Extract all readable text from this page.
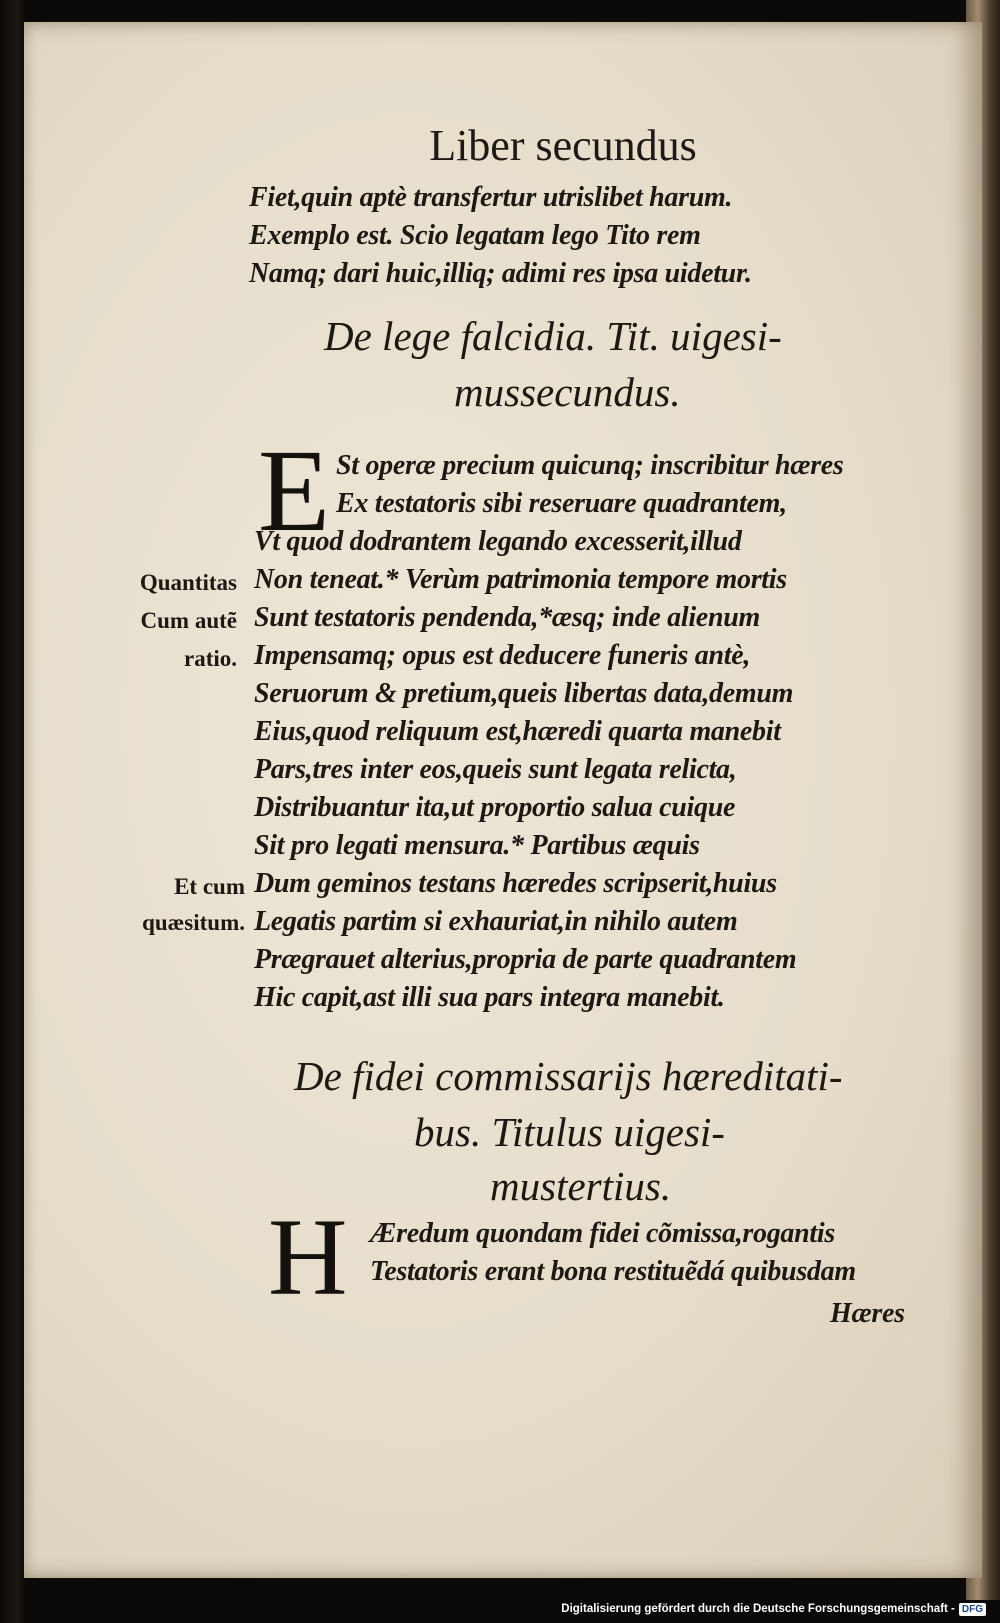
Liber secundus
Fiet,quin aptè transfertur utrislibet harum.
Exemplo est. Scio legatam lego Tito rem
Namq; dari huic,illiq; adimi res ipsa uidetur.
De lege falcidia. Tit. uigesi-
mussecundus.
E St operæ precium quicunq; inscribitur hæres
Ex testatoris sibi reseruare quadrantem,
Vt quod dodrantem legando excesserit,illud
Non teneat.* Verùm patrimonia tempore mortis
Sunt testatoris pendenda,*æsq; inde alienum
Impensamq; opus est deducere funeris antè,
Seruorum & pretium,queis libertas data,demum
Eius,quod reliquum est,hæredi quarta manebit
Pars,tres inter eos,queis sunt legata relicta,
Distribuantur ita,ut proportio salua cuique
Sit pro legati mensura.* Partibus æquis
Dum geminos testans hæredes scripserit,huius
Legatis partim si exhauriat,in nihilo autem
Prægrauet alterius,propria de parte quadrantem
Hic capit,ast illi sua pars integra manebit.
Quantitas
Cum autẽ
ratio.
Et cum
quæsitum.
De fidei commissarijs hæreditati-
bus. Titulus uigesi-
mustertius.
H Æredum quondam fidei cõmissa,rogantis
Testatoris erant bona restituẽdá quibusdam
Hæres
Digitalisierung gefördert durch die Deutsche Forschungsgemeinschaft - DFG
